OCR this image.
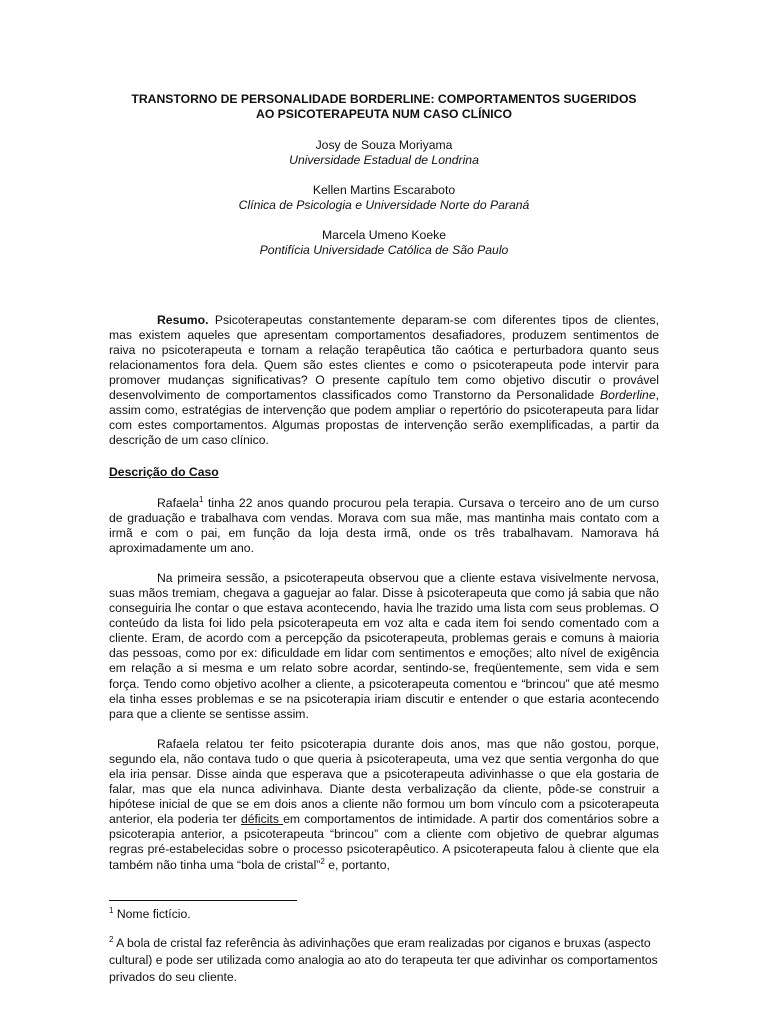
TRANSTORNO DE PERSONALIDADE BORDERLINE: COMPORTAMENTOS SUGERIDOS

AO PSICOTERAPEUTA NUM CASO CLÍNICO

Josy de Souza Moriyama
Universidade Estadual de Londrina
Kellen Martins Escaraboto
Clínica de Psicologia e Universidade Norte do Paraná
Marcela Umeno Koeke
Pontifícia Universidade Católica de São Paulo

Resumo. Psicoterapeutas constantemente deparam-se com diferentes tipos de clientes, mas existem aqueles que apresentam comportamentos desafiadores, produzem sentimentos de raiva no psicoterapeuta e tornam a relação terapêutica tão caótica e perturbadora quanto seus relacionamentos fora dela. Quem são estes clientes e como o psicoterapeuta pode intervir para promover mudanças significativas? O presente capítulo tem como objetivo discutir o provável desenvolvimento de comportamentos classificados como Transtorno da Personalidade Borderline, assim como, estratégias de intervenção que podem ampliar o repertório do psicoterapeuta para lidar com estes comportamentos. Algumas propostas de intervenção serão exemplificadas, a partir da descrição de um caso clínico.

Descrição do Caso

Rafaela$^1$ tinha 22 anos quando procurou pela terapia. Cursava o terceiro ano de um curso de graduação e trabalhava com vendas. Morava com sua mãe, mas mantinha mais contato com a irmã e com o pai, em função da loja desta irmã, onde os três trabalhavam. Namorava há aproximadamente um ano.

Na primeira sessão, a psicoterapeuta observou que a cliente estava visivelmente nervosa, suas mãos tremiam, chegava a gaguejar ao falar. Disse à psicoterapeuta que como já sabia que não conseguiria lhe contar o que estava acontecendo, havia lhe trazido uma lista com seus problemas. O conteúdo da lista foi lido pela psicoterapeuta em voz alta e cada item foi sendo comentado com a cliente. Eram, de acordo com a percepção da psicoterapeuta, problemas gerais e comuns à maioria das pessoas, como por ex: dificuldade em lidar com sentimentos e emoções; alto nível de exigência em relação a si mesma e um relato sobre acordar, sentindo-se, freqüentemente, sem vida e sem força. Tendo como objetivo acolher a cliente, a psicoterapeuta comentou e “brincou” que até mesmo ela tinha esses problemas e se na psicoterapia iriam discutir e entender o que estaria acontecendo para que a cliente se sentisse assim.

Rafaela relatou ter feito psicoterapia durante dois anos, mas que não gostou, porque, segundo ela, não contava tudo o que queria à psicoterapeuta, uma vez que sentia vergonha do que ela iria pensar. Disse ainda que esperava que a psicoterapeuta adivinhasse o que ela gostaria de falar, mas que ela nunca adivinhava. Diante desta verbalização da cliente, pôde-se construir a hipótese inicial de que se em dois anos a cliente não formou um bom vínculo com a psicoterapeuta anterior, ela poderia ter déficits em comportamentos de intimidade. A partir dos comentários sobre a psicoterapia anterior, a psicoterapeuta “brincou” com a cliente com objetivo de quebrar algumas regras pré-estabelecidas sobre o processo psicoterapêutico. A psicoterapeuta falou à cliente que ela também não tinha uma “bola de cristal”$^2$ e, portanto,

$^1$ Nome fictício.

$^2$ A bola de cristal faz referência às adivinhações que eram realizadas por ciganos e bruxas (aspecto cultural) e pode ser utilizada como analogia ao ato do terapeuta ter que adivinhar os comportamentos privados do seu cliente.
